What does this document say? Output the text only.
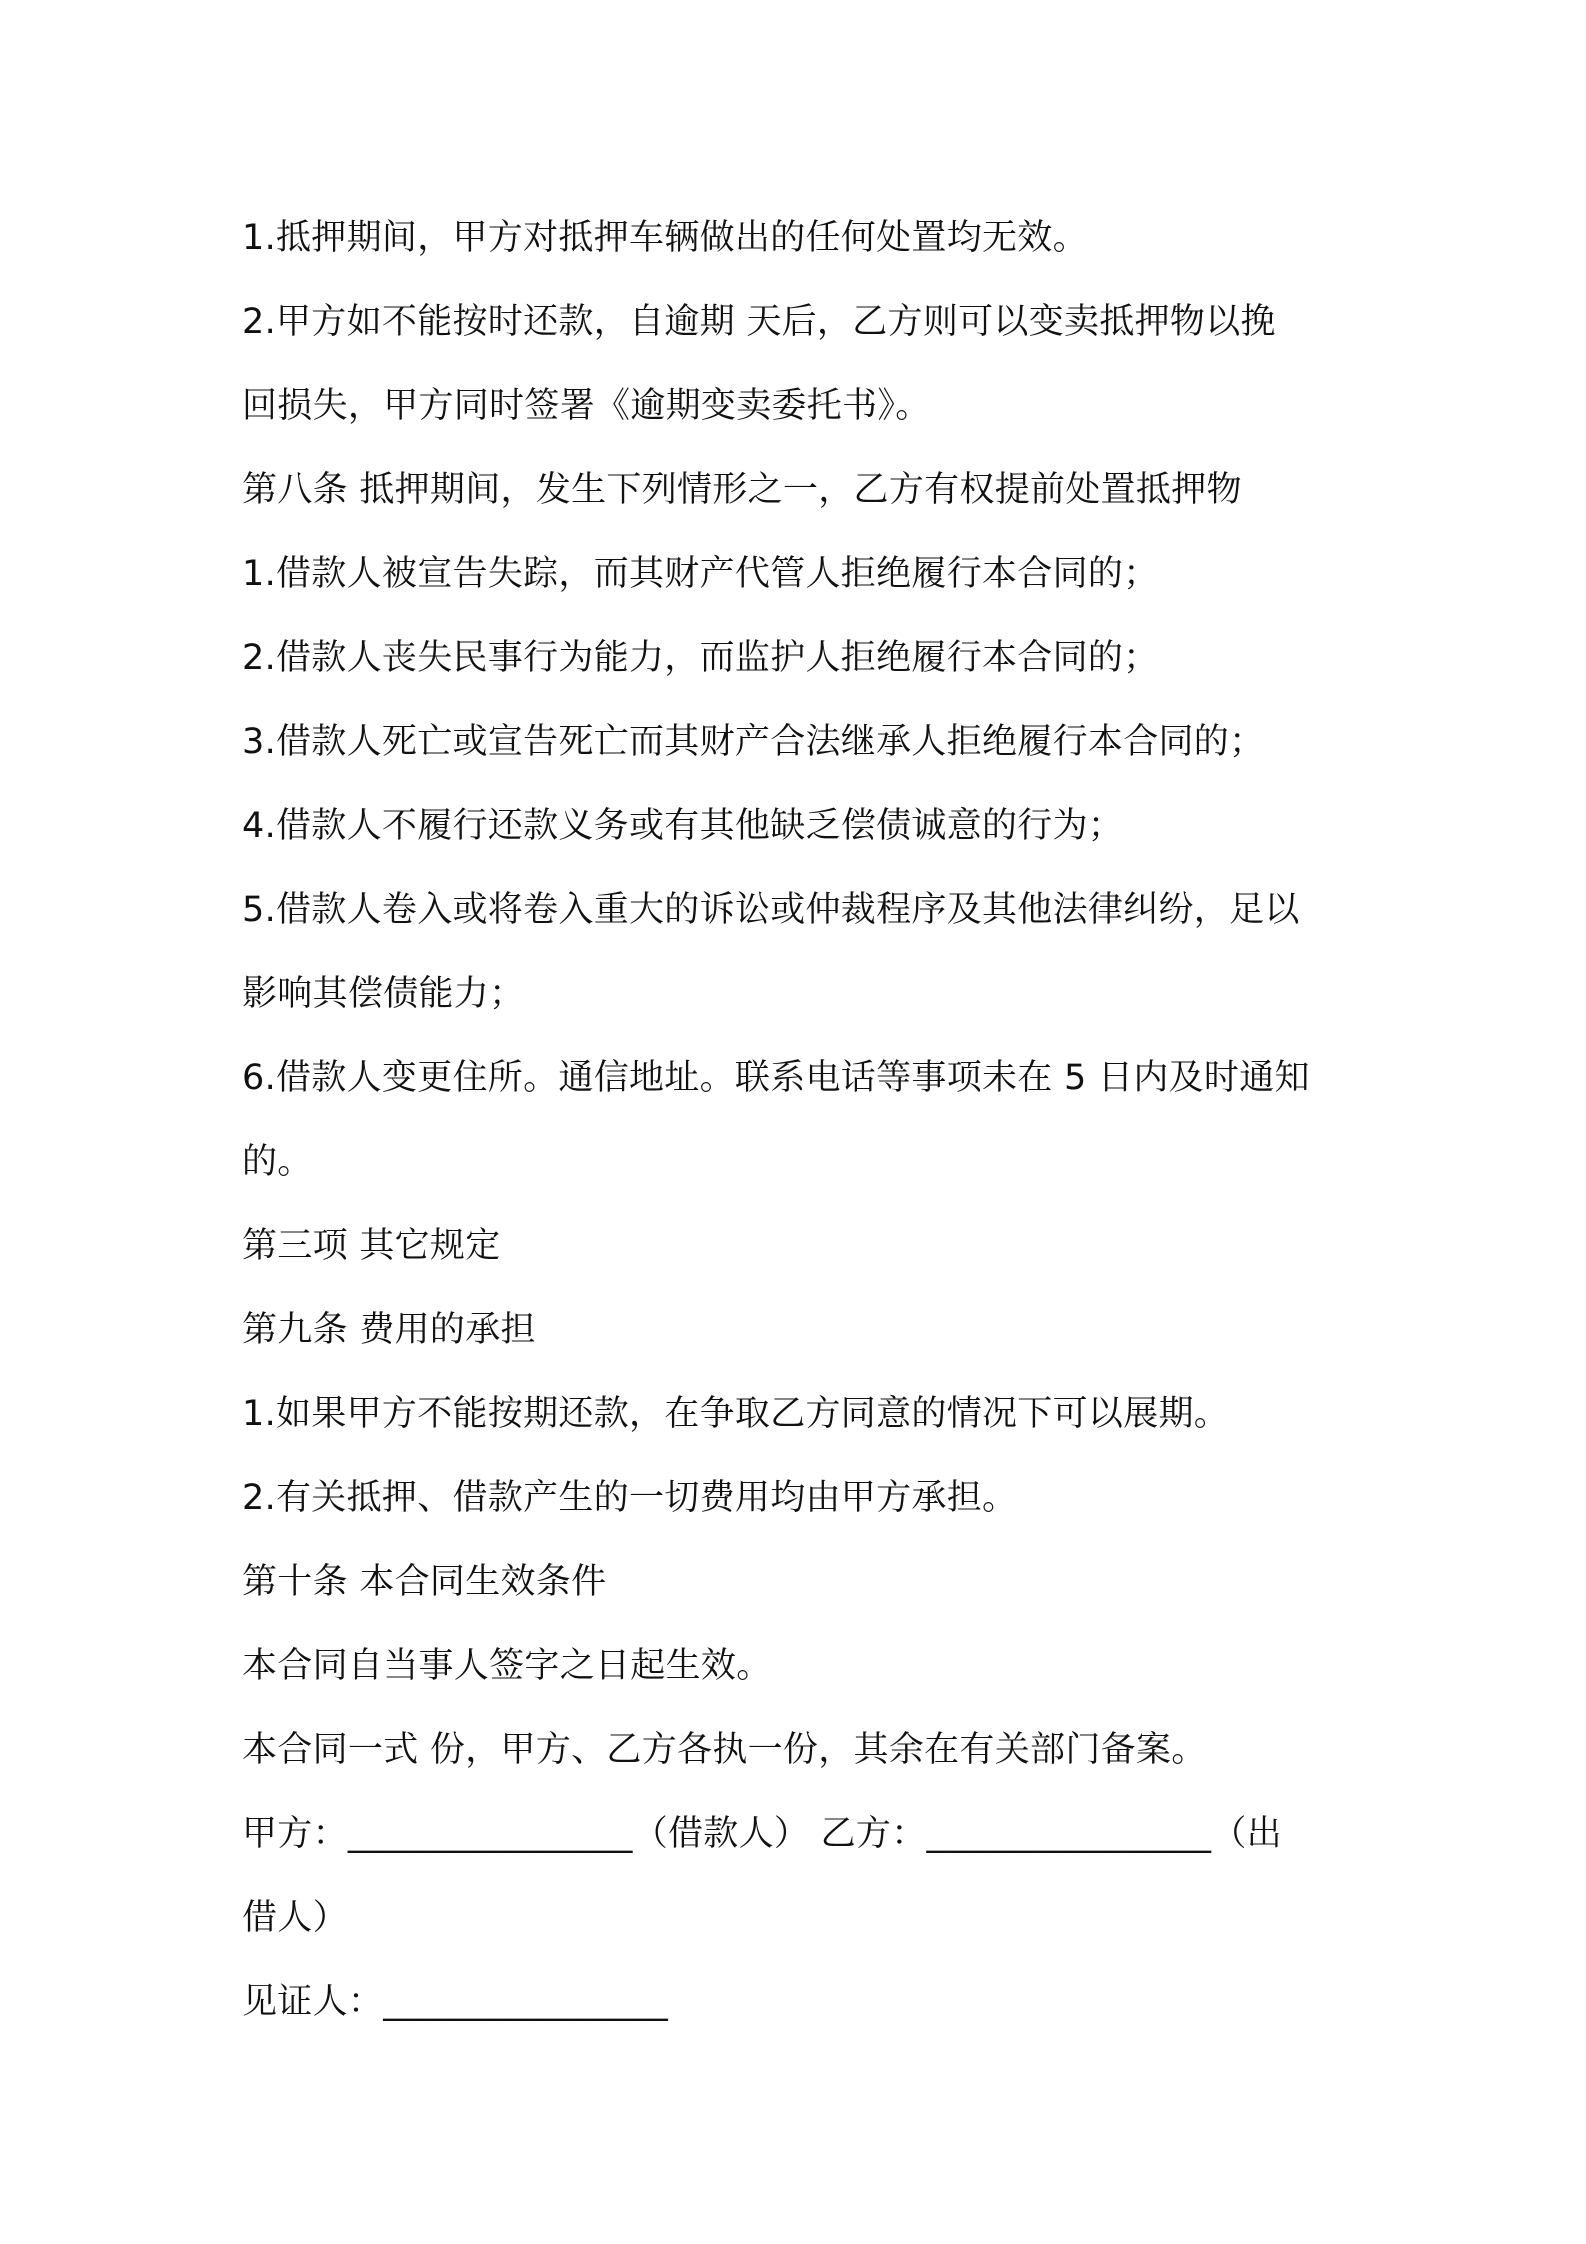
1.抵押期间，甲方对抵押车辆做出的任何处置均无效。
2.甲方如不能按时还款，自逾期 天后，乙方则可以变卖抵押物以挽
回损失，甲方同时签署《逾期变卖委托书》。
第八条 抵押期间，发生下列情形之一，乙方有权提前处置抵押物
1.借款人被宣告失踪，而其财产代管人拒绝履行本合同的；
2.借款人丧失民事行为能力，而监护人拒绝履行本合同的；
3.借款人死亡或宣告死亡而其财产合法继承人拒绝履行本合同的；
4.借款人不履行还款义务或有其他缺乏偿债诚意的行为；
5.借款人卷入或将卷入重大的诉讼或仲裁程序及其他法律纠纷，足以
影响其偿债能力；
6.借款人变更住所。通信地址。联系电话等事项未在 5 日内及时通知
的。
第三项 其它规定
第九条 费用的承担
1.如果甲方不能按期还款，在争取乙方同意的情况下可以展期。
2.有关抵押、借款产生的一切费用均由甲方承担。
第十条 本合同生效条件
本合同自当事人签字之日起生效。
本合同一式 份，甲方、乙方各执一份，其余在有关部门备案。
甲方：________________（借款人） 乙方：________________（出
借人）
见证人：________________
